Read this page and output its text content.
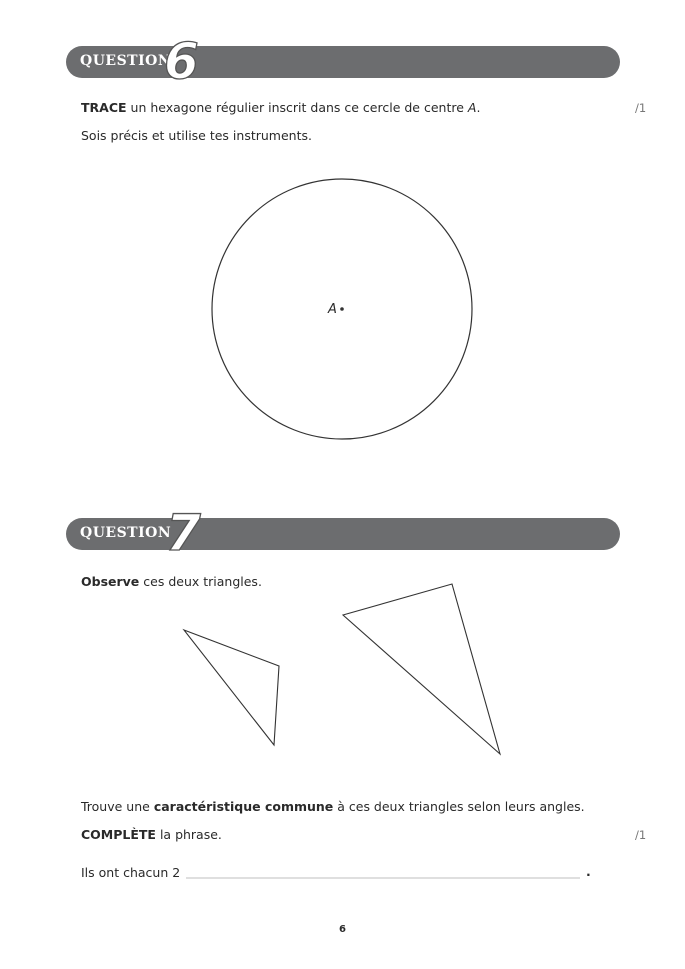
QUESTION
6
TRACE un hexagone régulier inscrit dans ce cercle de centre A.	/1
Sois précis et utilise tes instruments.
A
QUESTION
7
Observe ces deux triangles.
Trouve une caractéristique commune à ces deux triangles selon leurs angles.
COMPLÈTE la phrase.	/1
Ils ont chacun 2	.
6
